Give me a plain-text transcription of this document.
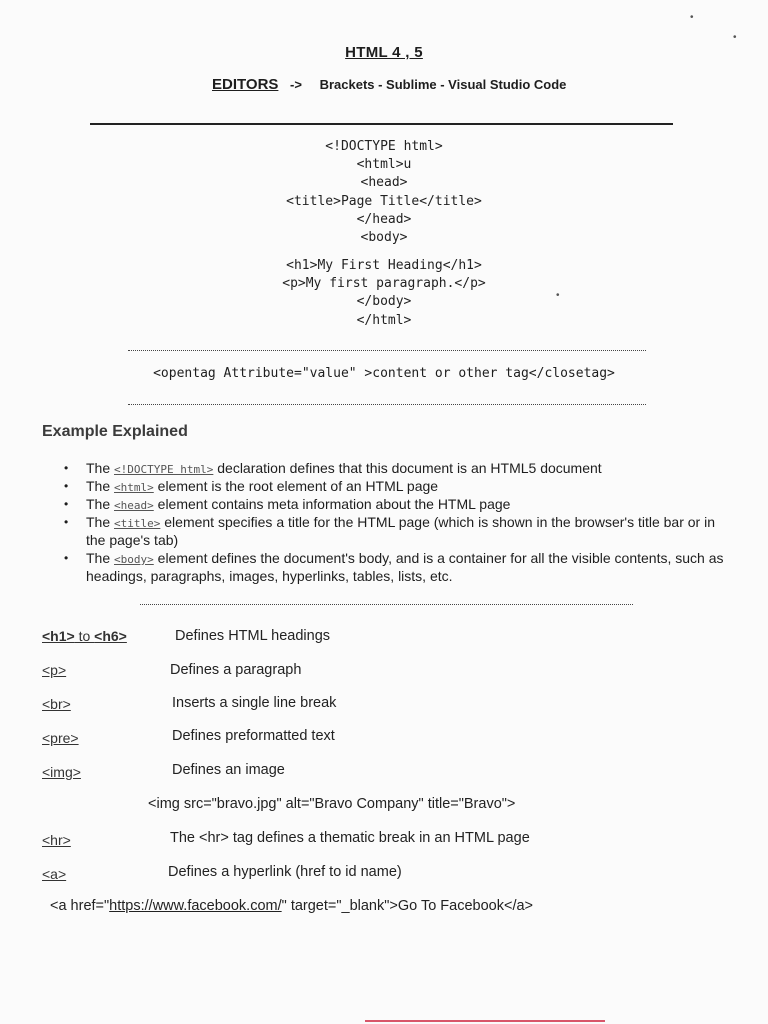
HTML 4 , 5
EDITORS -> Brackets - Sublime - Visual Studio Code
<!DOCTYPE html>
<html>u
<head>
<title>Page Title</title>
</head>
<body>
<h1>My First Heading</h1>
<p>My first paragraph.</p>
</body>
</html>
<opentag Attribute="value" >content or other tag</closetag>
Example Explained
• The <!DOCTYPE html> declaration defines that this document is an HTML5 document
• The <html> element is the root element of an HTML page
• The <head> element contains meta information about the HTML page
• The <title> element specifies a title for the HTML page (which is shown in the browser's title bar or in the page's tab)
• The <body> element defines the document's body, and is a container for all the visible contents, such as headings, paragraphs, images, hyperlinks, tables, lists, etc.
<h1> to <h6>	Defines HTML headings
<p>	Defines a paragraph
<br>	Inserts a single line break
<pre>	Defines preformatted text
<img>	Defines an image
<img src="bravo.jpg" alt="Bravo Company" title="Bravo">
<hr>	The <hr> tag defines a thematic break in an HTML page
<a>	Defines a hyperlink (href to id name)
<a href="https://www.facebook.com/" target="_blank">Go To Facebook</a>
•
•
•
